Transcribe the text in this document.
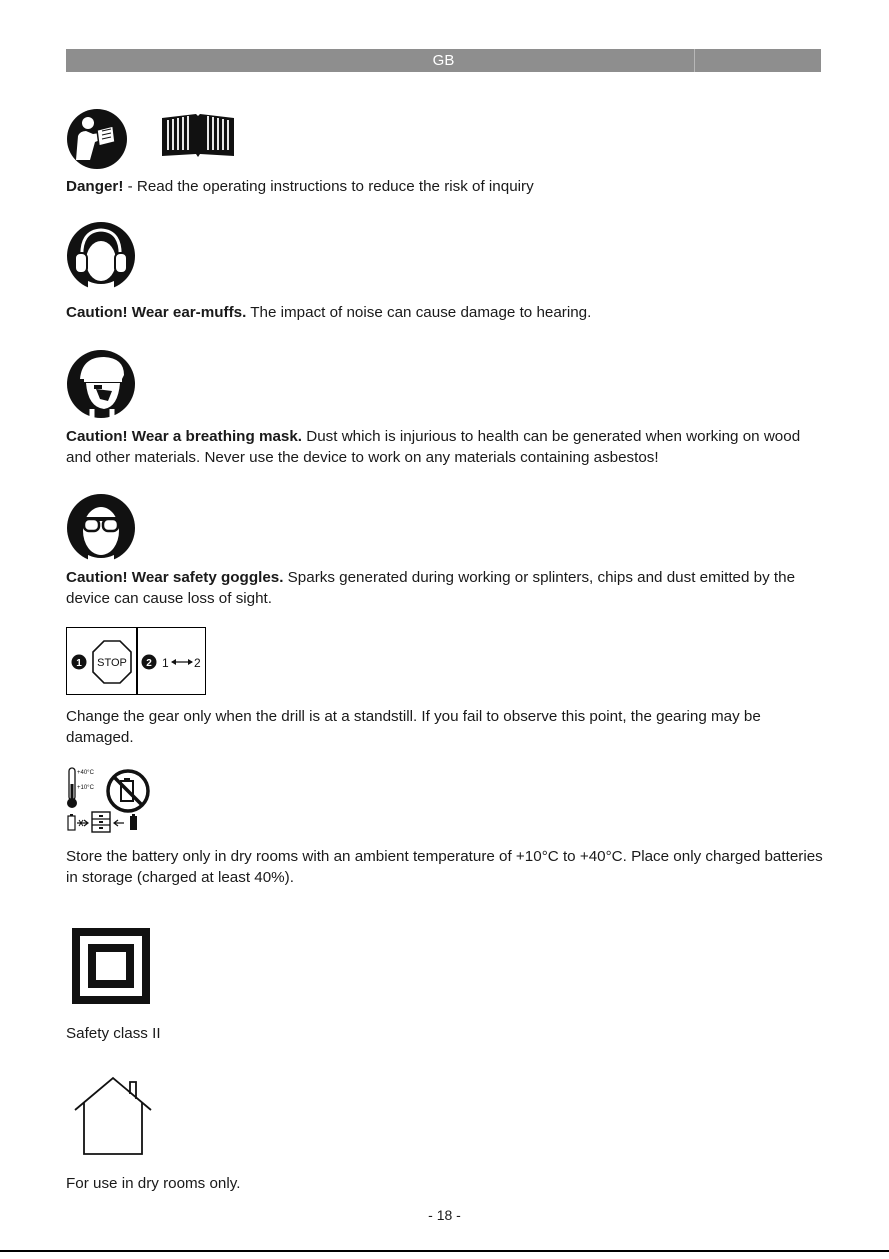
GB

Danger! - Read the operating instructions to reduce the risk of inquiry

Caution! Wear ear-muffs. The impact of noise can cause damage to hearing.

Caution! Wear a breathing mask. Dust which is injurious to health can be generated when working on wood and other materials. Never use the device to work on any materials containing asbestos!

Caution! Wear safety goggles. Sparks generated during working or splinters, chips and dust emitted by the device can cause loss of sight.

1 STOP 2 1 2

Change the gear only when the drill is at a standstill. If you fail to observe this point, the gearing may be damaged.

+40°C
+10°C

Store the battery only in dry rooms with an ambient temperature of +10°C to +40°C. Place only charged batteries in storage (charged at least 40%).

Safety class II

For use in dry rooms only.

- 18 -
